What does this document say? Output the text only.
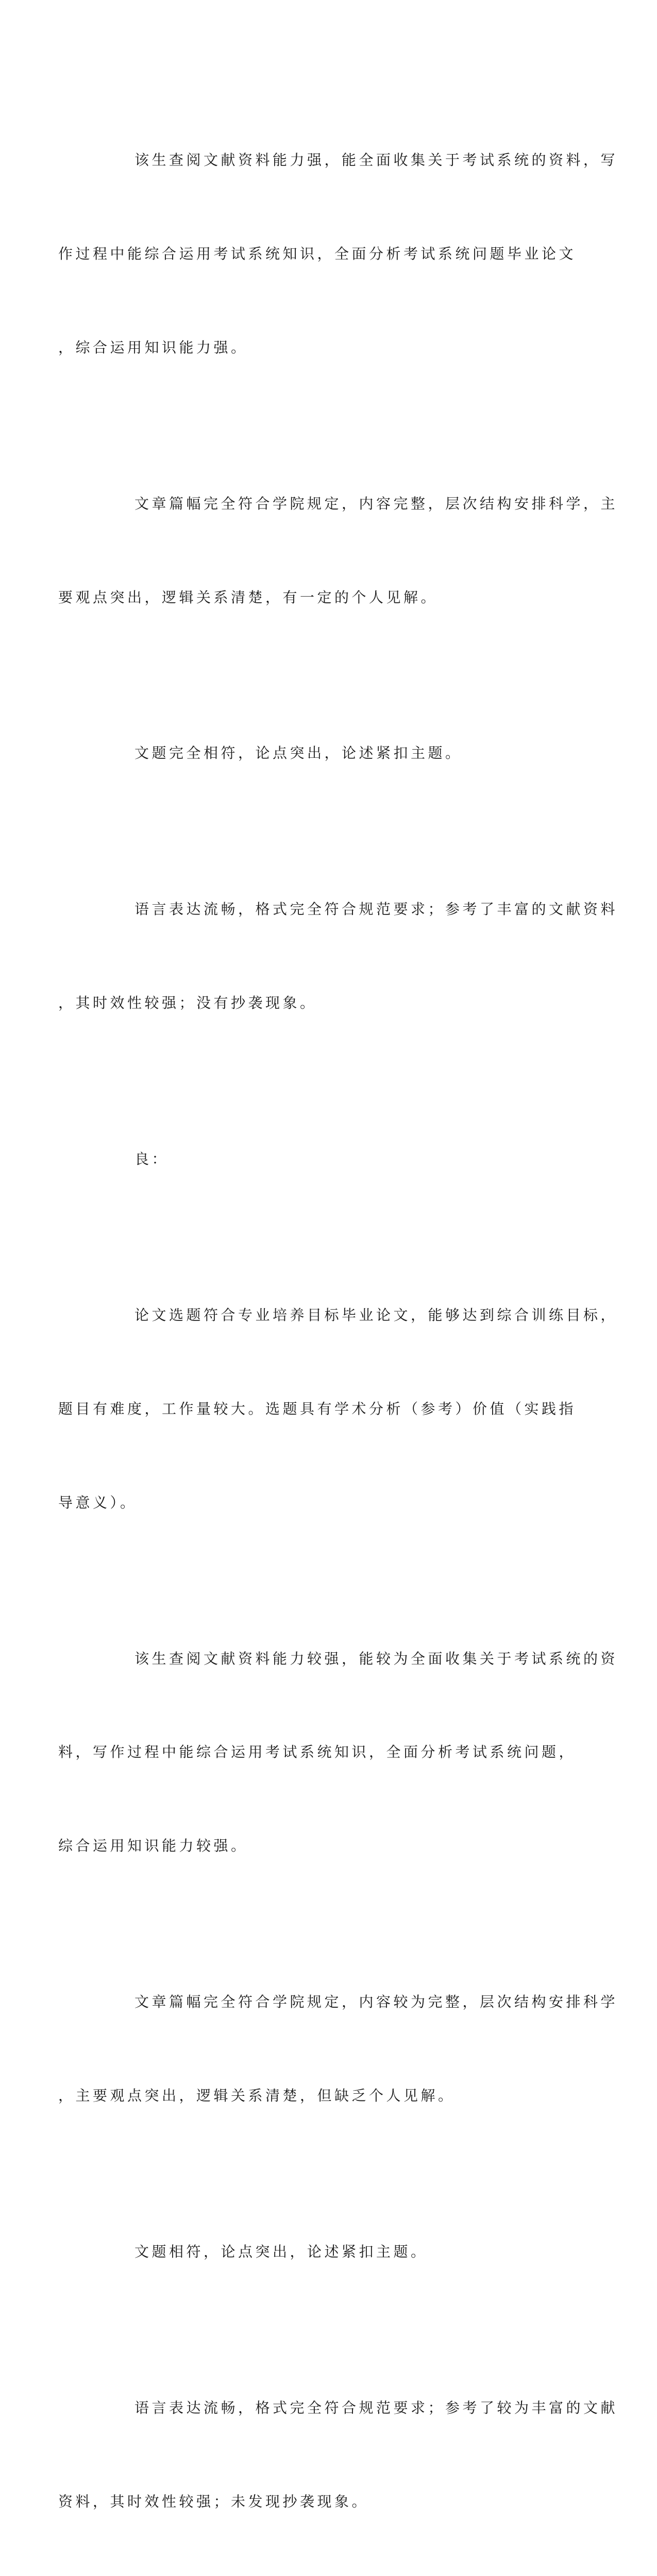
该生查阅文献资料能力强，能全面收集关于考试系统的资料，写

作过程中能综合运用考试系统知识，全面分析考试系统问题毕业论文

，综合运用知识能力强。

文章篇幅完全符合学院规定，内容完整，层次结构安排科学，主

要观点突出，逻辑关系清楚，有一定的个人见解。

文题完全相符，论点突出，论述紧扣主题。

语言表达流畅，格式完全符合规范要求；参考了丰富的文献资料

，其时效性较强；没有抄袭现象。

良：

论文选题符合专业培养目标毕业论文，能够达到综合训练目标，

题目有难度，工作量较大。选题具有学术分析（参考）价值（实践指

导意义）。

该生查阅文献资料能力较强，能较为全面收集关于考试系统的资

料，写作过程中能综合运用考试系统知识，全面分析考试系统问题，

综合运用知识能力较强。

文章篇幅完全符合学院规定，内容较为完整，层次结构安排科学

，主要观点突出，逻辑关系清楚，但缺乏个人见解。

文题相符，论点突出，论述紧扣主题。

语言表达流畅，格式完全符合规范要求；参考了较为丰富的文献

资料，其时效性较强；未发现抄袭现象。
